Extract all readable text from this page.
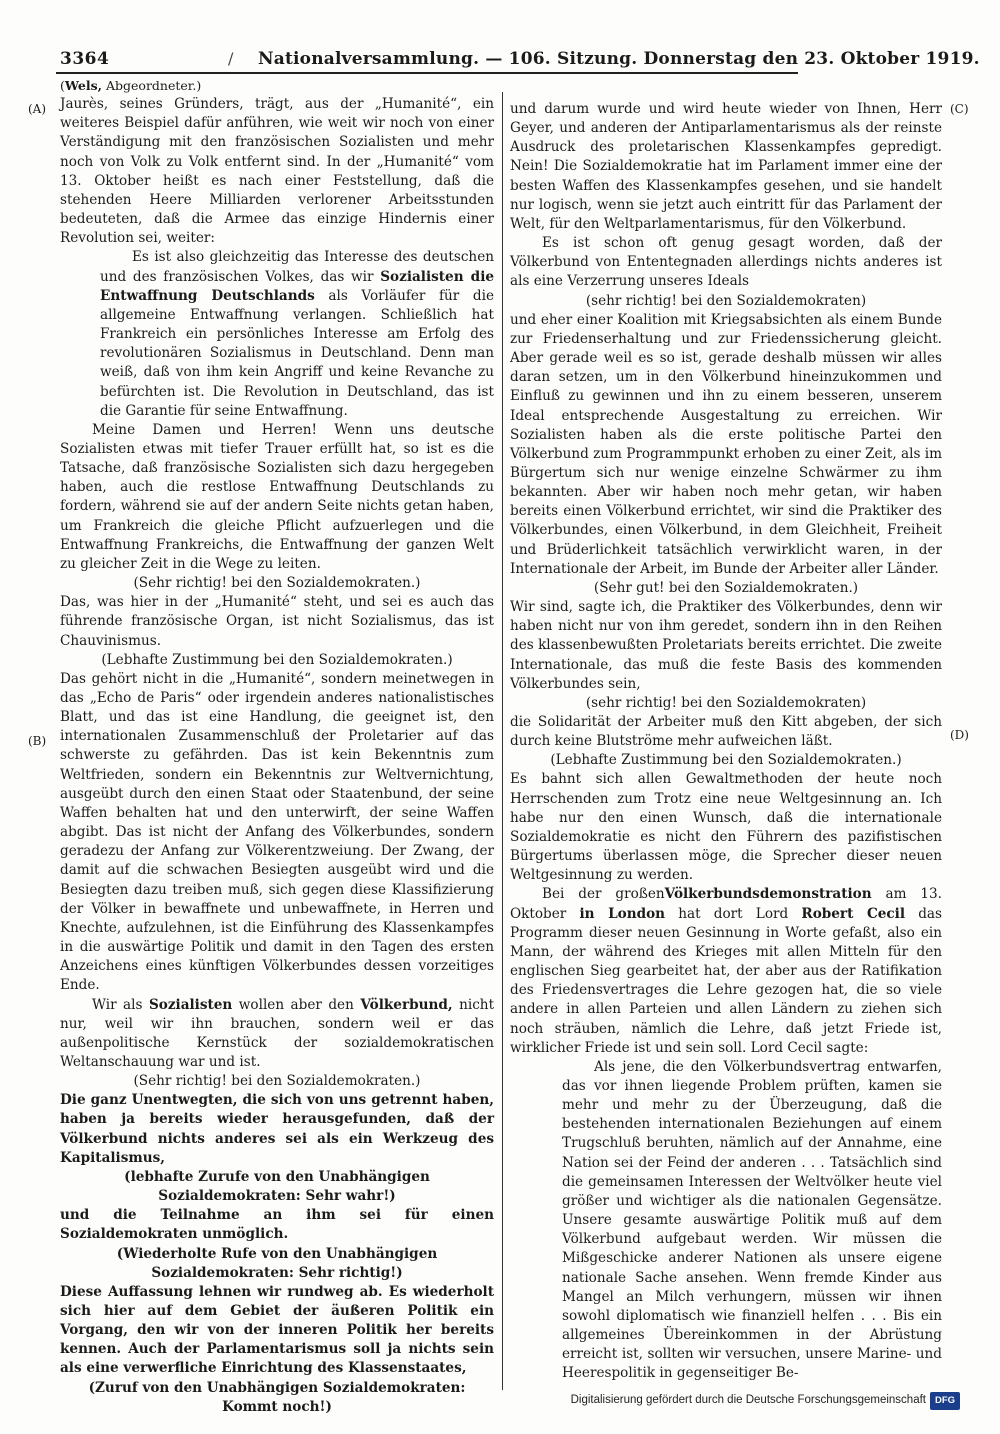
3364	/ Nationalversammlung. — 106. Sitzung. Donnerstag den 23. Oktober 1919.
(A)
(B)
(C)
(D)

(Wels, Abgeordneter.)

Jaurès, seines Gründers, trägt, aus der „Humanité“, ein weiteres Beispiel dafür anführen, wie weit wir noch von einer Verständigung mit den französischen Sozialisten und mehr noch von Volk zu Volk entfernt sind. In der „Humanité“ vom 13. Oktober heißt es nach einer Feststellung, daß die stehenden Heere Milliarden verlorener Arbeitsstunden bedeuteten, daß die Armee das einzige Hindernis einer Revolution sei, weiter:

Es ist also gleichzeitig das Interesse des deutschen und des französischen Volkes, das wir Sozialisten die Entwaffnung Deutschlands als Vorläufer für die allgemeine Entwaffnung verlangen. Schließlich hat Frankreich ein persönliches Interesse am Erfolg des revolutionären Sozialismus in Deutschland. Denn man weiß, daß von ihm kein Angriff und keine Revanche zu befürchten ist. Die Revolution in Deutschland, das ist die Garantie für seine Entwaffnung.

Meine Damen und Herren! Wenn uns deutsche Sozialisten etwas mit tiefer Trauer erfüllt hat, so ist es die Tatsache, daß französische Sozialisten sich dazu hergegeben haben, auch die restlose Entwaffnung Deutschlands zu fordern, während sie auf der andern Seite nichts getan haben, um Frankreich die gleiche Pflicht aufzuerlegen und die Entwaffnung Frankreichs, die Entwaffnung der ganzen Welt zu gleicher Zeit in die Wege zu leiten.

(Sehr richtig! bei den Sozialdemokraten.)

Das, was hier in der „Humanité“ steht, und sei es auch das führende französische Organ, ist nicht Sozialismus, das ist Chauvinismus.

(Lebhafte Zustimmung bei den Sozialdemokraten.)

Das gehört nicht in die „Humanité“, sondern meinetwegen in das „Echo de Paris“ oder irgendein anderes nationalistisches Blatt, und das ist eine Handlung, die geeignet ist, den internationalen Zusammenschluß der Proletarier auf das schwerste zu gefährden. Das ist kein Bekenntnis zum Weltfrieden, sondern ein Bekenntnis zur Weltvernichtung, ausgeübt durch den einen Staat oder Staatenbund, der seine Waffen behalten hat und den unterwirft, der seine Waffen abgibt. Das ist nicht der Anfang des Völkerbundes, sondern geradezu der Anfang zur Völkerentzweiung. Der Zwang, der damit auf die schwachen Besiegten ausgeübt wird und die Besiegten dazu treiben muß, sich gegen diese Klassifizierung der Völker in bewaffnete und unbewaffnete, in Herren und Knechte, aufzulehnen, ist die Einführung des Klassenkampfes in die auswärtige Politik und damit in den Tagen des ersten Anzeichens eines künftigen Völkerbundes dessen vorzeitiges Ende.

Wir als Sozialisten wollen aber den Völkerbund, nicht nur, weil wir ihn brauchen, sondern weil er das außenpolitische Kernstück der sozialdemokratischen Weltanschauung war und ist.

(Sehr richtig! bei den Sozialdemokraten.)

Die ganz Unentwegten, die sich von uns getrennt haben, haben ja bereits wieder herausgefunden, daß der Völkerbund nichts anderes sei als ein Werkzeug des Kapitalismus,

(lebhafte Zurufe von den Unabhängigen Sozialdemokraten: Sehr wahr!)

und die Teilnahme an ihm sei für einen Sozialdemokraten unmöglich.

(Wiederholte Rufe von den Unabhängigen Sozialdemokraten: Sehr richtig!)

Diese Auffassung lehnen wir rundweg ab. Es wiederholt sich hier auf dem Gebiet der äußeren Politik ein Vorgang, den wir von der inneren Politik her bereits kennen. Auch der Parlamentarismus soll ja nichts sein als eine verwerfliche Einrichtung des Klassenstaates,

(Zuruf von den Unabhängigen Sozialdemokraten: Kommt noch!)

und darum wurde und wird heute wieder von Ihnen, Herr Geyer, und anderen der Antiparlamentarismus als der reinste Ausdruck des proletarischen Klassenkampfes gepredigt. Nein! Die Sozialdemokratie hat im Parlament immer eine der besten Waffen des Klassenkampfes gesehen, und sie handelt nur logisch, wenn sie jetzt auch eintritt für das Parlament der Welt, für den Weltparlamentarismus, für den Völkerbund.

Es ist schon oft genug gesagt worden, daß der Völkerbund von Ententegnaden allerdings nichts anderes ist als eine Verzerrung unseres Ideals

(sehr richtig! bei den Sozialdemokraten)

und eher einer Koalition mit Kriegsabsichten als einem Bunde zur Friedenserhaltung und zur Friedenssicherung gleicht. Aber gerade weil es so ist, gerade deshalb müssen wir alles daran setzen, um in den Völkerbund hineinzukommen und Einfluß zu gewinnen und ihn zu einem besseren, unserem Ideal entsprechende Ausgestaltung zu erreichen. Wir Sozialisten haben als die erste politische Partei den Völkerbund zum Programmpunkt erhoben zu einer Zeit, als im Bürgertum sich nur wenige einzelne Schwärmer zu ihm bekannten. Aber wir haben noch mehr getan, wir haben bereits einen Völkerbund errichtet, wir sind die Praktiker des Völkerbundes, einen Völkerbund, in dem Gleichheit, Freiheit und Brüderlichkeit tatsächlich verwirklicht waren, in der Internationale der Arbeit, im Bunde der Arbeiter aller Länder.

(Sehr gut! bei den Sozialdemokraten.)

Wir sind, sagte ich, die Praktiker des Völkerbundes, denn wir haben nicht nur von ihm geredet, sondern ihn in den Reihen des klassenbewußten Proletariats bereits errichtet. Die zweite Internationale, das muß die feste Basis des kommenden Völkerbundes sein,

(sehr richtig! bei den Sozialdemokraten)

die Solidarität der Arbeiter muß den Kitt abgeben, der sich durch keine Blutströme mehr aufweichen läßt.

(Lebhafte Zustimmung bei den Sozialdemokraten.)

Es bahnt sich allen Gewaltmethoden der heute noch Herrschenden zum Trotz eine neue Weltgesinnung an. Ich habe nur den einen Wunsch, daß die internationale Sozialdemokratie es nicht den Führern des pazifistischen Bürgertums überlassen möge, die Sprecher dieser neuen Weltgesinnung zu werden.

Bei der großenVölkerbundsdemonstration am 13. Oktober in London hat dort Lord Robert Cecil das Programm dieser neuen Gesinnung in Worte gefaßt, also ein Mann, der während des Krieges mit allen Mitteln für den englischen Sieg gearbeitet hat, der aber aus der Ratifikation des Friedensvertrages die Lehre gezogen hat, die so viele andere in allen Parteien und allen Ländern zu ziehen sich noch sträuben, nämlich die Lehre, daß jetzt Friede ist, wirklicher Friede ist und sein soll. Lord Cecil sagte:

Als jene, die den Völkerbundsvertrag entwarfen, das vor ihnen liegende Problem prüften, kamen sie mehr und mehr zu der Überzeugung, daß die bestehenden internationalen Beziehungen auf einem Trugschluß beruhten, nämlich auf der Annahme, eine Nation sei der Feind der anderen . . . Tatsächlich sind die gemeinsamen Interessen der Weltvölker heute viel größer und wichtiger als die nationalen Gegensätze. Unsere gesamte auswärtige Politik muß auf dem Völkerbund aufgebaut werden. Wir müssen die Mißgeschicke anderer Nationen als unsere eigene nationale Sache ansehen. Wenn fremde Kinder aus Mangel an Milch verhungern, müssen wir ihnen sowohl diplomatisch wie finanziell helfen . . . Bis ein allgemeines Übereinkommen in der Abrüstung erreicht ist, sollten wir versuchen, unsere Marine- und Heerespolitik in gegenseitiger Be-

Digitalisierung gefördert durch die Deutsche Forschungsgemeinschaft DFG
